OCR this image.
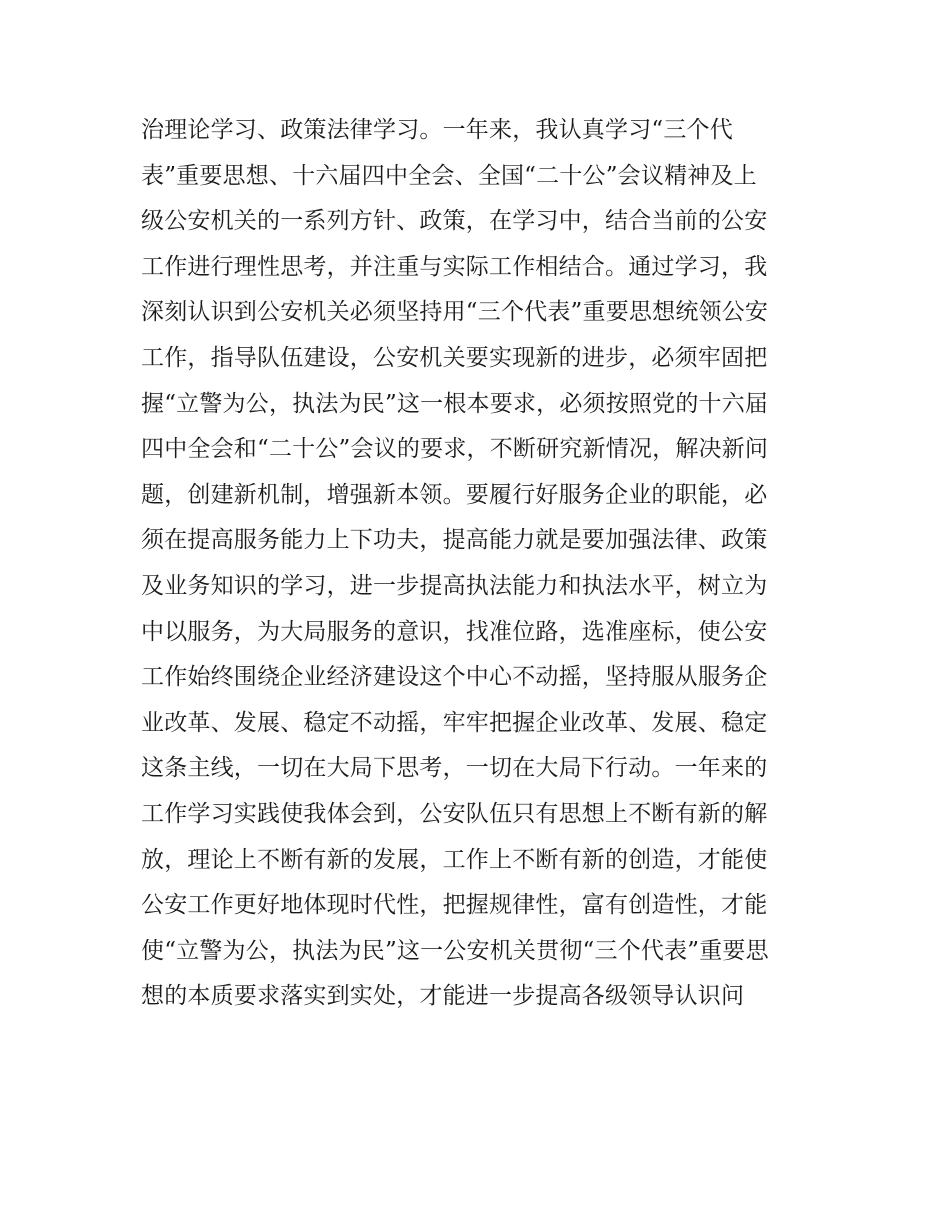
治理论学习、政策法律学习。一年来，我认真学习“三个代
表”重要思想、十六届四中全会、全国“二十公”会议精神及上
级公安机关的一系列方针、政策，在学习中，结合当前的公安
工作进行理性思考，并注重与实际工作相结合。通过学习，我
深刻认识到公安机关必须坚持用“三个代表”重要思想统领公安
工作，指导队伍建设，公安机关要实现新的进步，必须牢固把
握“立警为公，执法为民”这一根本要求，必须按照党的十六届
四中全会和“二十公”会议的要求，不断研究新情况，解决新问
题，创建新机制，增强新本领。要履行好服务企业的职能，必
须在提高服务能力上下功夫，提高能力就是要加强法律、政策
及业务知识的学习，进一步提高执法能力和执法水平，树立为
中以服务，为大局服务的意识，找准位路，选准座标，使公安
工作始终围绕企业经济建设这个中心不动摇，坚持服从服务企
业改革、发展、稳定不动摇，牢牢把握企业改革、发展、稳定
这条主线，一切在大局下思考，一切在大局下行动。一年来的
工作学习实践使我体会到，公安队伍只有思想上不断有新的解
放，理论上不断有新的发展，工作上不断有新的创造，才能使
公安工作更好地体现时代性，把握规律性，富有创造性，才能
使“立警为公，执法为民”这一公安机关贯彻“三个代表”重要思
想的本质要求落实到实处，才能进一步提高各级领导认识问
